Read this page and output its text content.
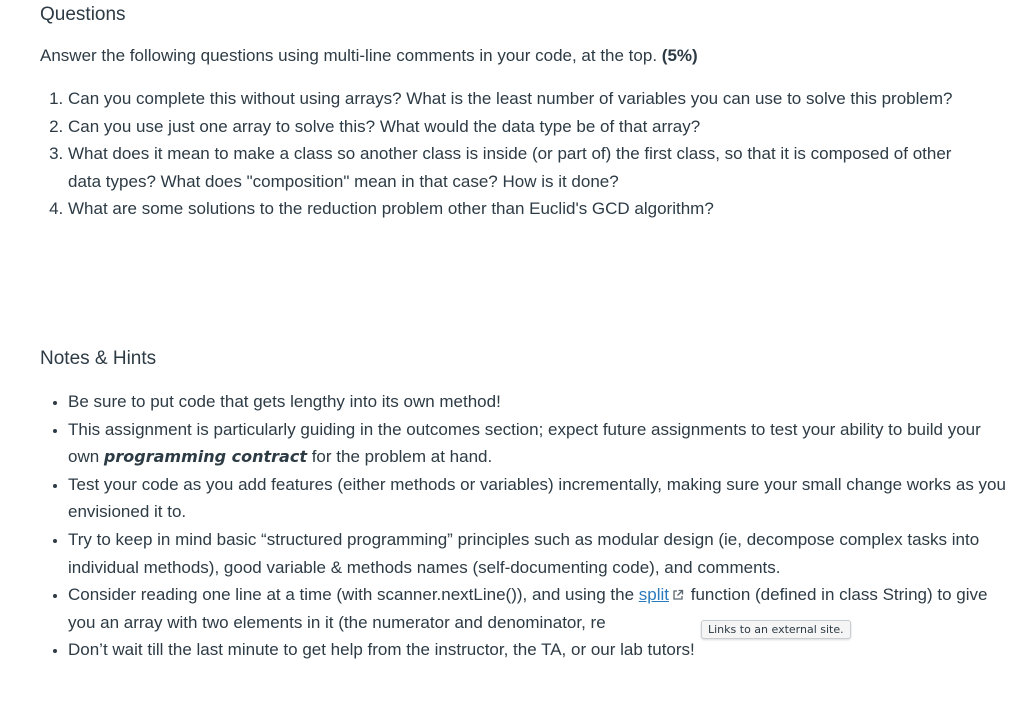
Questions

Answer the following questions using multi-line comments in your code, at the top. (5%)

1. Can you complete this without using arrays? What is the least number of variables you can use to solve this problem?
2. Can you use just one array to solve this? What would the data type be of that array?
3. What does it mean to make a class so another class is inside (or part of) the first class, so that it is composed of other data types? What does "composition" mean in that case? How is it done?
4. What are some solutions to the reduction problem other than Euclid's GCD algorithm?
Notes & Hints
• Be sure to put code that gets lengthy into its own method!
• This assignment is particularly guiding in the outcomes section; expect future assignments to test your ability to build your own programming contract for the problem at hand.
• Test your code as you add features (either methods or variables) incrementally, making sure your small change works as you envisioned it to.
• Try to keep in mind basic “structured programming” principles such as modular design (ie, decompose complex tasks into individual methods), good variable & methods names (self-documenting code), and comments.
• Consider reading one line at a time (with scanner.nextLine()), and using the split function (defined in class String) to give you an array with two elements in it (the numerator and denominator, re
• Don’t wait till the last minute to get help from the instructor, the TA, or our lab tutors!
Links to an external site.
